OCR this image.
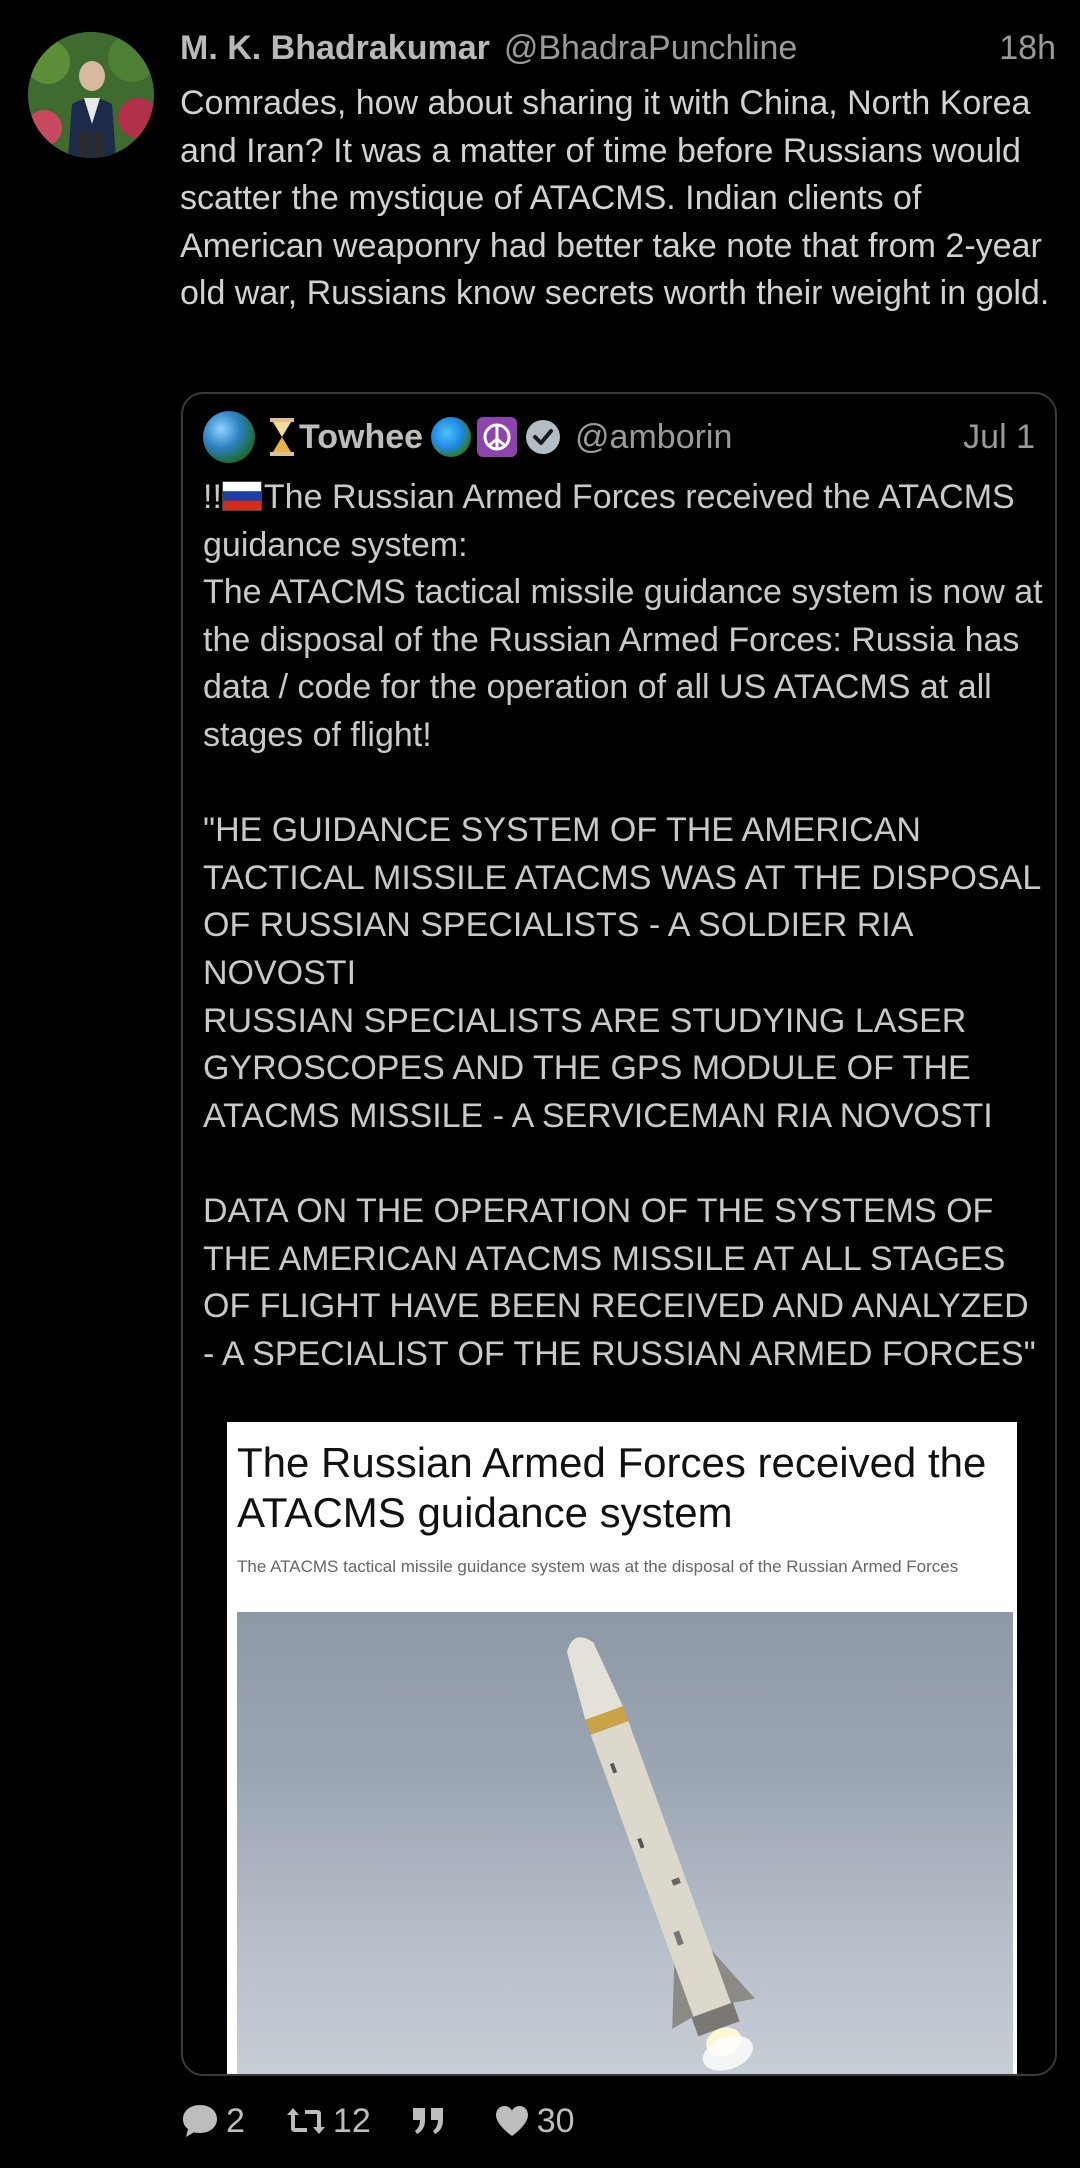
M. K. Bhadrakumar @BhadraPunchline	18h
Comrades, how about sharing it with China, North Korea and Iran? It was a matter of time before Russians would scatter the mystique of ATACMS. Indian clients of American weaponry had better take note that from 2-year old war, Russians know secrets worth their weight in gold.
Towhee	@amborin	Jul 1

!! The Russian Armed Forces received the ATACMS guidance system:
The ATACMS tactical missile guidance system is now at the disposal of the Russian Armed Forces: Russia has data / code for the operation of all US ATACMS at all stages of flight!

"HE GUIDANCE SYSTEM OF THE AMERICAN TACTICAL MISSILE ATACMS WAS AT THE DISPOSAL OF RUSSIAN SPECIALISTS - A SOLDIER RIA NOVOSTI
RUSSIAN SPECIALISTS ARE STUDYING LASER GYROSCOPES AND THE GPS MODULE OF THE ATACMS MISSILE - A SERVICEMAN RIA NOVOSTI

DATA ON THE OPERATION OF THE SYSTEMS OF THE AMERICAN ATACMS MISSILE AT ALL STAGES OF FLIGHT HAVE BEEN RECEIVED AND ANALYZED - A SPECIALIST OF THE RUSSIAN ARMED FORCES"

The Russian Armed Forces received the ATACMS guidance system
The ATACMS tactical missile guidance system was at the disposal of the Russian Armed Forces
2	12	30
